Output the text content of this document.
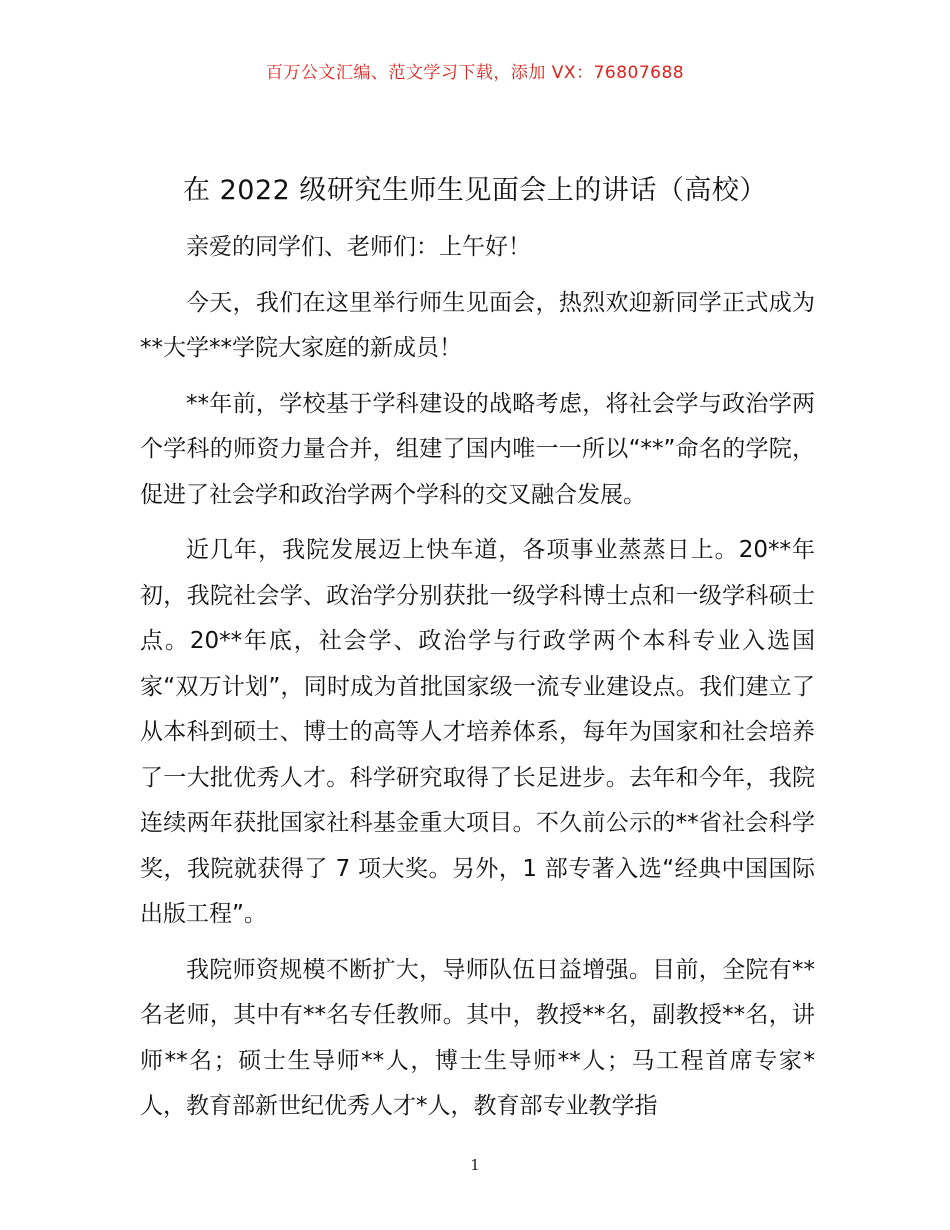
百万公文汇编、范文学习下载，添加 VX：76807688
在 2022 级研究生师生见面会上的讲话（高校）

亲爱的同学们、老师们：上午好！

今天，我们在这里举行师生见面会，热烈欢迎新同学正式成为**大学**学院大家庭的新成员！

**年前，学校基于学科建设的战略考虑，将社会学与政治学两个学科的师资力量合并，组建了国内唯一一所以“**”命名的学院，促进了社会学和政治学两个学科的交叉融合发展。

近几年，我院发展迈上快车道，各项事业蒸蒸日上。20**年初，我院社会学、政治学分别获批一级学科博士点和一级学科硕士点。20**年底，社会学、政治学与行政学两个本科专业入选国家“双万计划”，同时成为首批国家级一流专业建设点。我们建立了从本科到硕士、博士的高等人才培养体系，每年为国家和社会培养了一大批优秀人才。科学研究取得了长足进步。去年和今年，我院连续两年获批国家社科基金重大项目。不久前公示的**省社会科学奖，我院就获得了 7 项大奖。另外，1 部专著入选“经典中国国际出版工程”。

我院师资规模不断扩大，导师队伍日益增强。目前，全院有**名老师，其中有**名专任教师。其中，教授**名，副教授**名，讲师**名；硕士生导师**人，博士生导师**人；马工程首席专家*人，教育部新世纪优秀人才*人，教育部专业教学指

1
